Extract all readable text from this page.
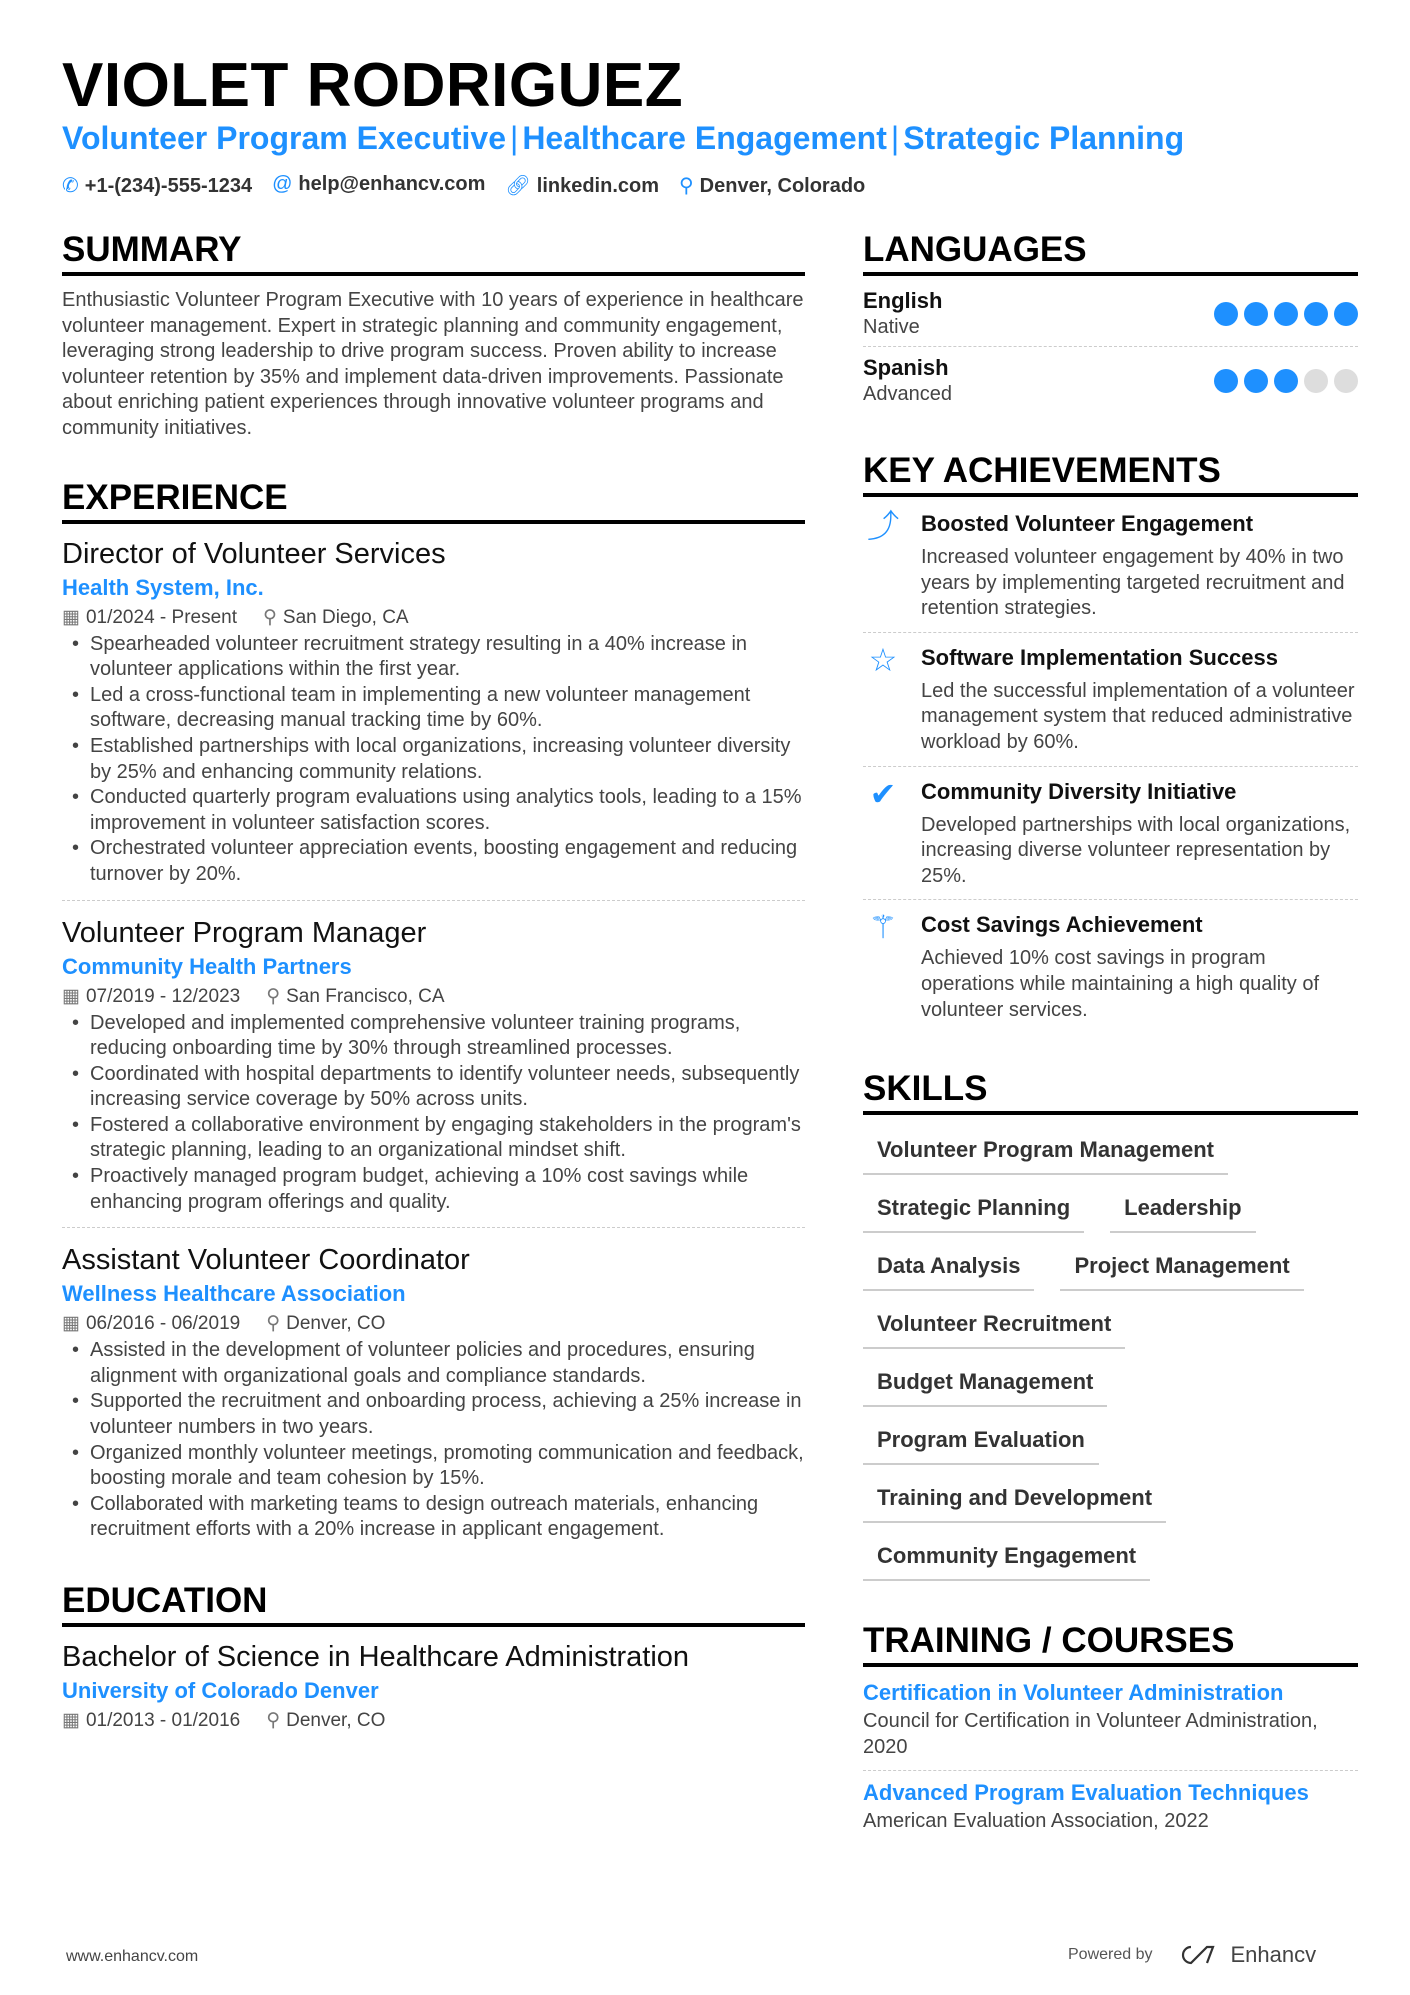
VIOLET RODRIGUEZ
Volunteer Program Executive | Healthcare Engagement | Strategic Planning
✆ +1-(234)-555-1234 @ help@enhancv.com 🔗︎ linkedin.com ⚲ Denver, Colorado
SUMMARY
Enthusiastic Volunteer Program Executive with 10 years of experience in healthcare volunteer management. Expert in strategic planning and community engagement, leveraging strong leadership to drive program success. Proven ability to increase volunteer retention by 35% and implement data-driven improvements. Passionate about enriching patient experiences through innovative volunteer programs and community initiatives.
EXPERIENCE
Director of Volunteer Services
Health System, Inc.
▦ 01/2024 - Present ⚲ San Diego, CA
• Spearheaded volunteer recruitment strategy resulting in a 40% increase in volunteer applications within the first year.
• Led a cross-functional team in implementing a new volunteer management software, decreasing manual tracking time by 60%.
• Established partnerships with local organizations, increasing volunteer diversity by 25% and enhancing community relations.
• Conducted quarterly program evaluations using analytics tools, leading to a 15% improvement in volunteer satisfaction scores.
• Orchestrated volunteer appreciation events, boosting engagement and reducing turnover by 20%.
Volunteer Program Manager
Community Health Partners
▦ 07/2019 - 12/2023 ⚲ San Francisco, CA
• Developed and implemented comprehensive volunteer training programs, reducing onboarding time by 30% through streamlined processes.
• Coordinated with hospital departments to identify volunteer needs, subsequently increasing service coverage by 50% across units.
• Fostered a collaborative environment by engaging stakeholders in the program's strategic planning, leading to an organizational mindset shift.
• Proactively managed program budget, achieving a 10% cost savings while enhancing program offerings and quality.
Assistant Volunteer Coordinator
Wellness Healthcare Association
▦ 06/2016 - 06/2019 ⚲ Denver, CO
• Assisted in the development of volunteer policies and procedures, ensuring alignment with organizational goals and compliance standards.
• Supported the recruitment and onboarding process, achieving a 25% increase in volunteer numbers in two years.
• Organized monthly volunteer meetings, promoting communication and feedback, boosting morale and team cohesion by 15%.
• Collaborated with marketing teams to design outreach materials, enhancing recruitment efforts with a 20% increase in applicant engagement.
EDUCATION
Bachelor of Science in Healthcare Administration
University of Colorado Denver
▦ 01/2013 - 01/2016 ⚲ Denver, CO
LANGUAGES
English
Native
Spanish
Advanced
KEY ACHIEVEMENTS
⤴ Boosted Volunteer Engagement
Increased volunteer engagement by 40% in two years by implementing targeted recruitment and retention strategies.
☆ Software Implementation Success
Led the successful implementation of a volunteer management system that reduced administrative workload by 60%.
✔ Community Diversity Initiative
Developed partnerships with local organizations, increasing diverse volunteer representation by 25%.
⚚ Cost Savings Achievement
Achieved 10% cost savings in program operations while maintaining a high quality of volunteer services.
SKILLS
Volunteer Program Management
Strategic Planning	Leadership
Data Analysis	Project Management
Volunteer Recruitment
Budget Management
Program Evaluation
Training and Development
Community Engagement
TRAINING / COURSES
Certification in Volunteer Administration
Council for Certification in Volunteer Administration, 2020
Advanced Program Evaluation Techniques
American Evaluation Association, 2022
www.enhancv.com	Powered by	Enhancv
